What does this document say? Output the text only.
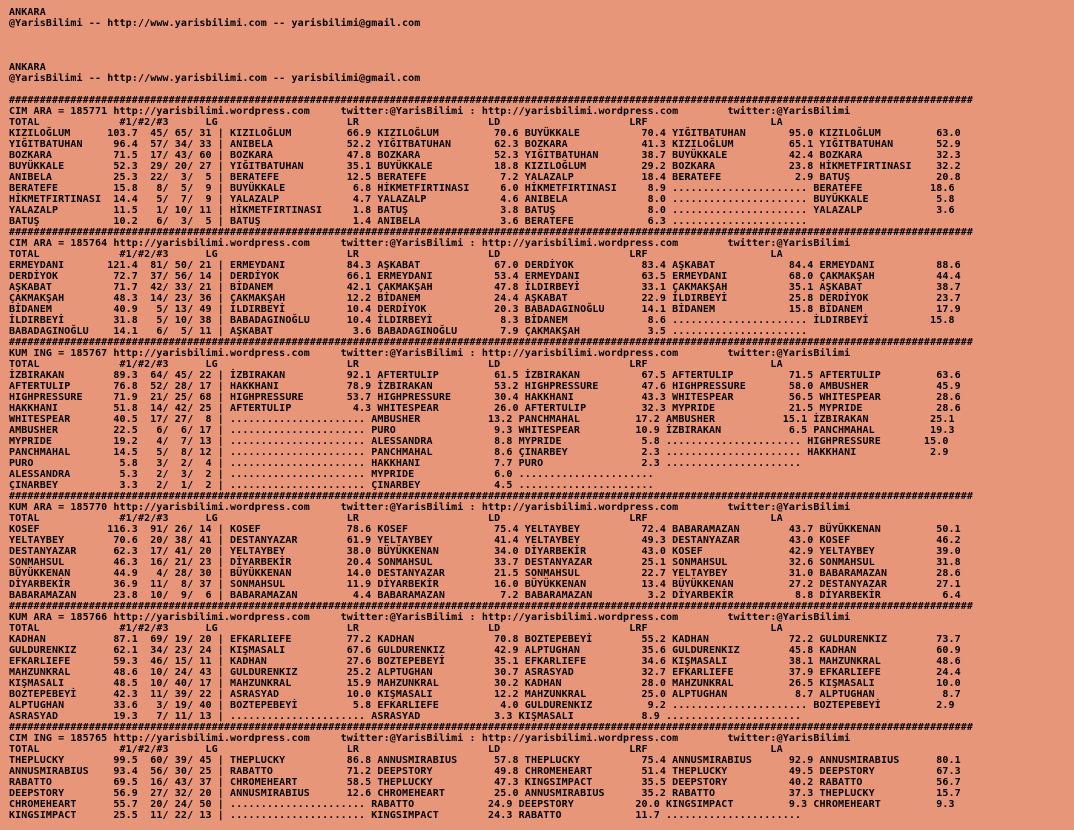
ANKARA
@YarisBilimi -- http://www.yarisbilimi.com -- yarisbilimi@gmail.com

ANKARA
@YarisBilimi -- http://www.yarisbilimi.com -- yarisbilimi@gmail.com

#############################################################################################################################################################
CIM ARA = 185771 http://yarisbilimi.wordpress.com     twitter:@YarisBilimi : http://yarisbilimi.wordpress.com        twitter:@YarisBilimi
TOTAL             #1/#2/#3      LG                     LR                     LD                     LRF                    LA
KIZILOĞLUM      103.7  45/ 65/ 31 | KIZILOĞLUM         66.9 KIZILOĞLUM         70.6 BUYÜKKALE          70.4 YIĞITBATUHAN       95.0 KIZILOĞLUM         63.0
YIĞITBATUHAN     96.4  57/ 34/ 33 | ANIBELA            52.2 YIĞITBATUHAN       62.3 BOZKARA            41.3 KIZILOĞLUM         65.1 YIĞITBATUHAN       52.9
BOZKARA          71.5  17/ 43/ 60 | BOZKARA            47.8 BOZKARA            52.3 YIĞITBATUHAN       38.7 BUYÜKKALE          42.4 BOZKARA            32.3
BUYÜKKALE        52.3  29/ 20/ 27 | YIĞITBATUHAN       35.1 BUYÜKKALE          18.8 KIZILOĞLUM         29.2 BOZKARA            23.8 HİKMETFIRTINASI    32.2
ANIBELA          25.3  22/  3/  5 | BERATEFE           12.5 BERATEFE            7.2 YALAZALP           18.4 BERATEFE            2.9 BATUŞ              20.8
BERATEFE         15.8   8/  5/  9 | BUYÜKKALE           6.8 HİKMETFIRTINASI     6.0 HİKMETFIRTINASI     8.9 ...................... BERATEFE           18.6
HİKMETFIRTINASI  14.4   5/  7/  9 | YALAZALP            4.7 YALAZALP            4.6 ANIBELA             8.0 ...................... BUYÜKKALE           5.8
YALAZALP         11.5   1/ 10/ 11 | HİKMETFIRTINASI     1.8 BATUŞ               3.8 BATUŞ               8.0 ...................... YALAZALP            3.6
BATUŞ            10.2   6/  3/  5 | BATUŞ               1.4 ANIBELA             3.6 BERATEFE            6.3 ......................
#############################################################################################################################################################
CIM ARA = 185764 http://yarisbilimi.wordpress.com     twitter:@YarisBilimi : http://yarisbilimi.wordpress.com        twitter:@YarisBilimi
TOTAL             #1/#2/#3      LG                     LR                     LD                     LRF                    LA
ERMEYDANI       121.4  81/ 50/ 21 | ERMEYDANI          84.3 AŞKABAT            67.0 DERDİYOK           83.4 AŞKABAT            84.4 ERMEYDANI          88.6
DERDİYOK         72.7  37/ 56/ 14 | DERDİYOK           66.1 ERMEYDANI          53.4 ERMEYDANI          63.5 ERMEYDANI          68.0 ÇAKMAKŞAH          44.4
AŞKABAT          71.7  42/ 33/ 21 | BİDANEM            42.1 ÇAKMAKŞAH          47.8 İLDIRBEYİ          33.1 ÇAKMAKŞAH          35.1 AŞKABAT            38.7
ÇAKMAKŞAH        48.3  14/ 23/ 36 | ÇAKMAKŞAH          12.2 BİDANEM            24.4 AŞKABAT            22.9 İLDIRBEYİ          25.8 DERDİYOK           23.7
BİDANEM          40.9   5/ 13/ 49 | İLDIRBEYİ          10.4 DERDİYOK           20.3 BABADAGINOĞLU      14.1 BİDANEM            15.8 BİDANEM            17.9
İLDIRBEYİ        31.8   5/ 10/ 38 | BABADAGINOĞLU      10.4 İLDIRBEYİ           8.3 BİDANEM             8.6 ...................... İLDIRBEYİ          15.8
BABADAGINOĞLU    14.1   6/  5/ 11 | AŞKABAT             3.6 BABADAGINOĞLU       7.9 ÇAKMAKŞAH           3.5 ......................
#############################################################################################################################################################
KUM ING = 185767 http://yarisbilimi.wordpress.com     twitter:@YarisBilimi : http://yarisbilimi.wordpress.com        twitter:@YarisBilimi
TOTAL             #1/#2/#3      LG                     LR                     LD                     LRF                    LA
İZBIRAKAN        89.3  64/ 45/ 22 | İZBIRAKAN          92.1 AFTERTULIP         61.5 İZBIRAKAN          67.5 AFTERTULIP         71.5 AFTERTULIP         63.6
AFTERTULIP       76.8  52/ 28/ 17 | HAKKHANI           78.9 İZBIRAKAN          53.2 HIGHPRESSURE       47.6 HIGHPRESSURE       58.0 AMBUSHER           45.9
HIGHPRESSURE     71.9  21/ 25/ 68 | HIGHPRESSURE       53.7 HIGHPRESSURE       30.4 HAKKHANI           43.3 WHITESPEAR         56.5 WHITESPEAR         28.6
HAKKHANI         51.8  14/ 42/ 25 | AFTERTULIP          4.3 WHITESPEAR         26.0 AFTERTULIP         32.3 MYPRIDE            21.5 MYPRIDE            28.6
WHITESPEAR       40.5  17/ 27/  8 | ...................... AMBUSHER           13.2 PANCHMAHAL         17.2 AMBUSHER           15.1 İZBIRAKAN          25.1
AMBUSHER         22.5   6/  6/ 17 | ...................... PURO                9.3 WHITESPEAR         10.9 İZBIRAKAN           6.5 PANCHMAHAL         19.3
MYPRIDE          19.2   4/  7/ 13 | ...................... ALESSANDRA          8.8 MYPRIDE             5.8 ...................... HIGHPRESSURE       15.0
PANCHMAHAL       14.5   5/  8/ 12 | ...................... PANCHMAHAL          8.6 ÇINARBEY            2.3 ...................... HAKKHANI            2.9
PURO              5.8   3/  2/  4 | ...................... HAKKHANI            7.7 PURO                2.3 ......................
ALESSANDRA        5.3   2/  3/  2 | ...................... MYPRIDE             6.0 ......................
ÇINARBEY          3.3   2/  1/  2 | ...................... ÇINARBEY            4.5 ......................
#############################################################################################################################################################
KUM ARA = 185770 http://yarisbilimi.wordpress.com     twitter:@YarisBilimi : http://yarisbilimi.wordpress.com        twitter:@YarisBilimi
TOTAL             #1/#2/#3      LG                     LR                     LD                     LRF                    LA
KOSEF           116.3  91/ 26/ 14 | KOSEF              78.6 KOSEF              75.4 YELTAYBEY          72.4 BABARAMAZAN        43.7 BÜYÜKKENAN         50.1
YELTAYBEY        70.6  20/ 38/ 41 | DESTANYAZAR        61.9 YELTAYBEY          41.4 YELTAYBEY          49.3 DESTANYAZAR        43.0 KOSEF              46.2
DESTANYAZAR      62.3  17/ 41/ 20 | YELTAYBEY          38.0 BÜYÜKKENAN         34.0 DİYARBEKİR         43.0 KOSEF              42.9 YELTAYBEY          39.0
SONMAHSUL        46.3  16/ 21/ 23 | DİYARBEKİR         20.4 SONMAHSUL          33.7 DESTANYAZAR        25.1 SONMAHSUL          32.6 SONMAHSUL          31.8
BÜYÜKKENAN       44.9   4/ 28/ 30 | BÜYÜKKENAN         14.0 DESTANYAZAR        21.5 SONMAHSUL          22.7 YELTAYBEY          31.0 BABARAMAZAN        28.6
DİYARBEKİR       36.9  11/  8/ 37 | SONMAHSUL          11.9 DİYARBEKİR         16.0 BÜYÜKKENAN         13.4 BÜYÜKKENAN         27.2 DESTANYAZAR        27.1
BABARAMAZAN      23.8  10/  9/  6 | BABARAMAZAN         4.4 BABARAMAZAN         7.2 BABARAMAZAN         3.2 DİYARBEKİR          8.8 DİYARBEKİR          6.4
#############################################################################################################################################################
KUM ARA = 185766 http://yarisbilimi.wordpress.com     twitter:@YarisBilimi : http://yarisbilimi.wordpress.com        twitter:@YarisBilimi
TOTAL             #1/#2/#3      LG                     LR                     LD                     LRF                    LA
KADHAN           87.1  69/ 19/ 20 | EFKARLIEFE         77.2 KADHAN             70.8 BOZTEPEBEYİ        55.2 KADHAN             72.2 GULDURENKIZ        73.7
GULDURENKIZ      62.1  34/ 23/ 24 | KIŞMASALI          67.6 GULDURENKIZ        42.9 ALPTUGHAN          35.6 GULDURENKIZ        45.8 KADHAN             60.9
EFKARLIEFE       59.3  46/ 15/ 11 | KADHAN             27.6 BOZTEPEBEYİ        35.1 EFKARLIEFE         34.6 KIŞMASALI          38.1 MAHZUNKRAL         48.6
MAHZUNKRAL       48.6  10/ 24/ 43 | GULDURENKIZ        25.2 ALPTUGHAN          30.7 ASRASYAD           32.7 EFKARLIEFE         37.9 EFKARLIEFE         24.4
KIŞMASALI        48.5  10/ 40/ 17 | MAHZUNKRAL         15.9 MAHZUNKRAL         30.2 KADHAN             28.0 MAHZUNKRAL         26.5 KIŞMASALI          10.0
BOZTEPEBEYİ      42.3  11/ 39/ 22 | ASRASYAD           10.0 KIŞMASALI          12.2 MAHZUNKRAL         25.0 ALPTUGHAN           8.7 ALPTUGHAN           8.7
ALPTUGHAN        33.6   3/ 19/ 40 | BOZTEPEBEYİ         5.8 EFKARLIEFE          4.0 GULDURENKIZ         9.2 ...................... BOZTEPEBEYİ         2.9
ASRASYAD         19.3   7/ 11/ 13 | ...................... ASRASYAD            3.3 KIŞMASALI           8.9 ......................
#############################################################################################################################################################
CIM ING = 185765 http://yarisbilimi.wordpress.com     twitter:@YarisBilimi : http://yarisbilimi.wordpress.com        twitter:@YarisBilimi
TOTAL             #1/#2/#3      LG                     LR                     LD                     LRF                    LA
THEPLUCKY        99.5  60/ 39/ 45 | THEPLUCKY          86.8 ANNUSMIRABIUS      57.8 THEPLUCKY          75.4 ANNUSMIRABIUS      92.9 ANNUSMIRABIUS      80.1
ANNUSMIRABIUS    93.4  56/ 30/ 25 | RABATTO            71.2 DEEPSTORY          49.8 CHROMEHEART        51.4 THEPLUCKY          49.5 DEEPSTORY          67.3
RABATTO          69.5  16/ 43/ 37 | CHROMEHEART        58.5 THEPLUCKY          47.3 KINGSIMPACT        35.5 DEEPSTORY          40.2 RABATTO            56.7
DEEPSTORY        56.9  27/ 32/ 20 | ANNUSMIRABIUS      12.6 CHROMEHEART        25.0 ANNUSMIRABIUS      35.2 RABATTO            37.3 THEPLUCKY          15.7
CHROMEHEART      55.7  20/ 24/ 50 | ...................... RABATTO            24.9 DEEPSTORY          20.0 KINGSIMPACT         9.3 CHROMEHEART         9.3
KINGSIMPACT      25.5  11/ 22/ 13 | ...................... KINGSIMPACT        24.3 RABATTO            11.7 ......................
